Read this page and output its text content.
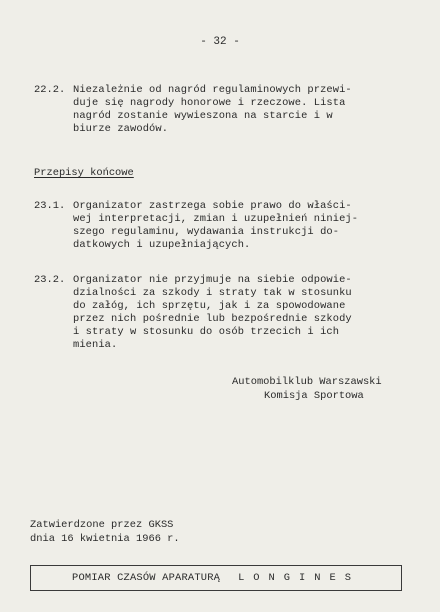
- 32 -
22.2. Niezależnie od nagród regulaminowych przewi-
duje się nagrody honorowe i rzeczowe. Lista
nagród zostanie wywieszona na starcie i w
biurze zawodów.
Przepisy końcowe
23.1. Organizator zastrzega sobie prawo do właści-
wej interpretacji, zmian i uzupełnień niniej-
szego regulaminu, wydawania instrukcji do-
datkowych i uzupełniających.
23.2. Organizator nie przyjmuje na siebie odpowie-
dzialności za szkody i straty tak w stosunku
do załóg, ich sprzętu, jak i za spowodowane
przez nich pośrednie lub bezpośrednie szkody
i straty w stosunku do osób trzecich i ich
mienia.
Automobilklub Warszawski
Komisja Sportowa
Zatwierdzone przez GKSS
dnia 16 kwietnia 1966 r.
POMIAR CZASÓW APARATURĄ LONGINES
